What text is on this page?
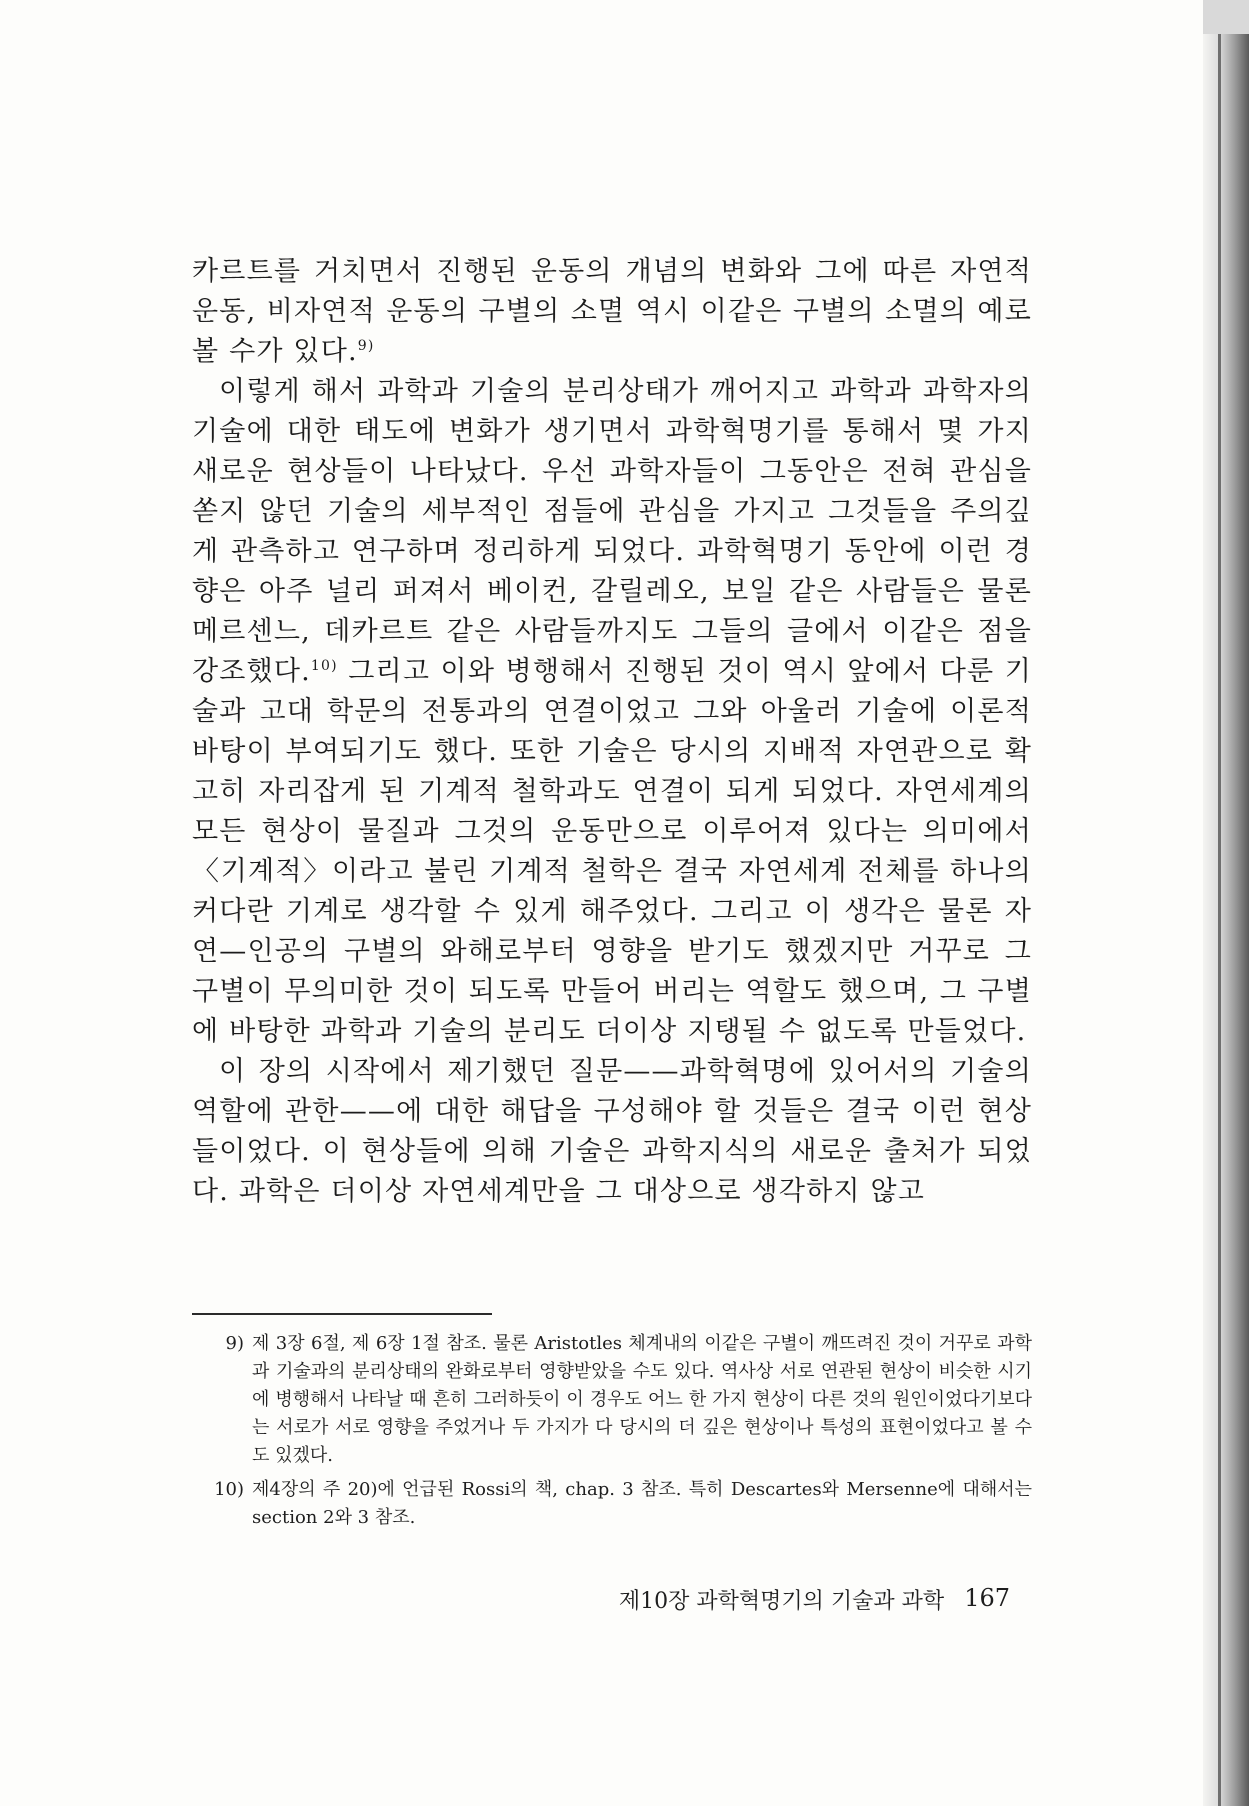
카르트를 거치면서 진행된 운동의 개념의 변화와 그에 따른 자연적 운동, 비자연적 운동의 구별의 소멸 역시 이같은 구별의 소멸의 예로 볼 수가 있다.$^{9)}$

이렇게 해서 과학과 기술의 분리상태가 깨어지고 과학과 과학자의 기술에 대한 태도에 변화가 생기면서 과학혁명기를 통해서 몇 가지 새로운 현상들이 나타났다. 우선 과학자들이 그동안은 전혀 관심을 쏟지 않던 기술의 세부적인 점들에 관심을 가지고 그것들을 주의깊게 관측하고 연구하며 정리하게 되었다. 과학혁명기 동안에 이런 경향은 아주 널리 퍼져서 베이컨, 갈릴레오, 보일 같은 사람들은 물론 메르센느, 데카르트 같은 사람들까지도 그들의 글에서 이같은 점을 강조했다.$^{10)}$ 그리고 이와 병행해서 진행된 것이 역시 앞에서 다룬 기술과 고대 학문의 전통과의 연결이었고 그와 아울러 기술에 이론적 바탕이 부여되기도 했다. 또한 기술은 당시의 지배적 자연관으로 확고히 자리잡게 된 기계적 철학과도 연결이 되게 되었다. 자연세계의 모든 현상이 물질과 그것의 운동만으로 이루어져 있다는 의미에서 〈기계적〉이라고 불린 기계적 철학은 결국 자연세계 전체를 하나의 커다란 기계로 생각할 수 있게 해주었다. 그리고 이 생각은 물론 자연—인공의 구별의 와해로부터 영향을 받기도 했겠지만 거꾸로 그 구별이 무의미한 것이 되도록 만들어 버리는 역할도 했으며, 그 구별에 바탕한 과학과 기술의 분리도 더이상 지탱될 수 없도록 만들었다.

이 장의 시작에서 제기했던 질문——과학혁명에 있어서의 기술의 역할에 관한——에 대한 해답을 구성해야 할 것들은 결국 이런 현상들이었다. 이 현상들에 의해 기술은 과학지식의 새로운 출처가 되었다. 과학은 더이상 자연세계만을 그 대상으로 생각하지 않고

9) 제 3장 6절, 제 6장 1절 참조. 물론 Aristotles 체계내의 이같은 구별이 깨뜨려진 것이 거꾸로 과학과 기술과의 분리상태의 완화로부터 영향받았을 수도 있다. 역사상 서로 연관된 현상이 비슷한 시기에 병행해서 나타날 때 흔히 그러하듯이 이 경우도 어느 한 가지 현상이 다른 것의 원인이었다기보다는 서로가 서로 영향을 주었거나 두 가지가 다 당시의 더 깊은 현상이나 특성의 표현이었다고 볼 수도 있겠다.
10) 제4장의 주 20)에 언급된 Rossi의 책, chap. 3 참조. 특히 Descartes와 Mersenne에 대해서는 section 2와 3 참조.
제10장 과학혁명기의 기술과 과학 167
